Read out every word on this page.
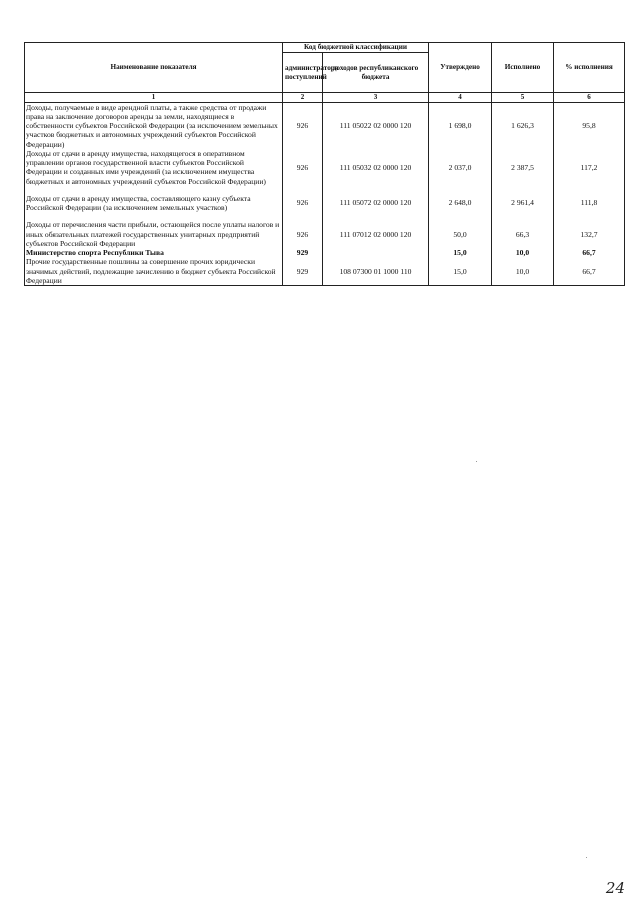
Наименование показателя	Код бюджетной классификации		Утверждено	Исполнено	% исполнения
	администратора поступлений	доходов республиканского бюджета			
1	2	3	4	5	6
Доходы, получаемые в виде арендной платы, а также средства от продажи права на заключение договоров аренды за земли, находящиеся в собственности субъектов Российской Федерации (за исключением земельных участков бюджетных и автономных учреждений субъектов Российской Федерации)	926	111 05022 02 0000 120	1 698,0	1 626,3	95,8
Доходы от сдачи в аренду имущества, находящегося в оперативном управлении органов государственной власти субъектов Российской Федерации и созданных ими учреждений (за исключением имущества бюджетных и автономных учреждений субъектов Российской Федерации)	926	111 05032 02 0000 120	2 037,0	2 387,5	117,2
Доходы от сдачи в аренду имущества, составляющего казну субъекта Российской Федерации (за исключением земельных участков)	926	111 05072 02 0000 120	2 648,0	2 961,4	111,8
Доходы от перечисления части прибыли, остающейся после уплаты налогов и иных обязательных платежей государственных унитарных предприятий субъектов Российской Федерации	926	111 07012 02 0000 120	50,0	66,3	132,7
Министерство спорта Республики Тыва	929		15,0	10,0	66,7
Прочие государственные пошлины за совершение прочих юридически значимых действий, подлежащие зачислению в бюджет субъекта Российской Федерации	929	108 07300 01 1000 110	15,0	10,0	66,7
24
